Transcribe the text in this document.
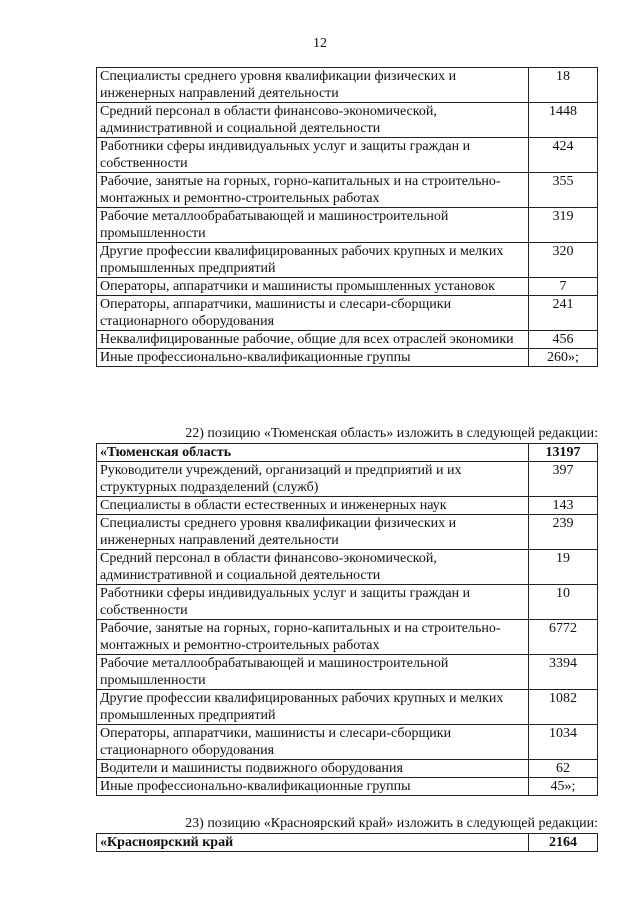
12
Специалисты среднего уровня квалификации физических и инженерных направлений деятельности	18
Средний персонал в области финансово-экономической, административной и социальной деятельности	1448
Работники сферы индивидуальных услуг и защиты граждан и собственности	424
Рабочие, занятые на горных, горно-капитальных и на строительно-монтажных и ремонтно-строительных работах	355
Рабочие металлообрабатывающей и машиностроительной промышленности	319
Другие профессии квалифицированных рабочих крупных и мелких промышленных предприятий	320
Операторы, аппаратчики и машинисты промышленных установок	7
Операторы, аппаратчики, машинисты и слесари-сборщики стационарного оборудования	241
Неквалифицированные рабочие, общие для всех отраслей экономики	456
Иные профессионально-квалификационные группы	260»;
22) позицию «Тюменская область» изложить в следующей редакции:
«Тюменская область	13197
Руководители учреждений, организаций и предприятий и их структурных подразделений (служб)	397
Специалисты в области естественных и инженерных наук	143
Специалисты среднего уровня квалификации физических и инженерных направлений деятельности	239
Средний персонал в области финансово-экономической, административной и социальной деятельности	19
Работники сферы индивидуальных услуг и защиты граждан и собственности	10
Рабочие, занятые на горных, горно-капитальных и на строительно-монтажных и ремонтно-строительных работах	6772
Рабочие металлообрабатывающей и машиностроительной промышленности	3394
Другие профессии квалифицированных рабочих крупных и мелких промышленных предприятий	1082
Операторы, аппаратчики, машинисты и слесари-сборщики стационарного оборудования	1034
Водители и машинисты подвижного оборудования	62
Иные профессионально-квалификационные группы	45»;
23) позицию «Красноярский край» изложить в следующей редакции:
«Красноярский край	2164
